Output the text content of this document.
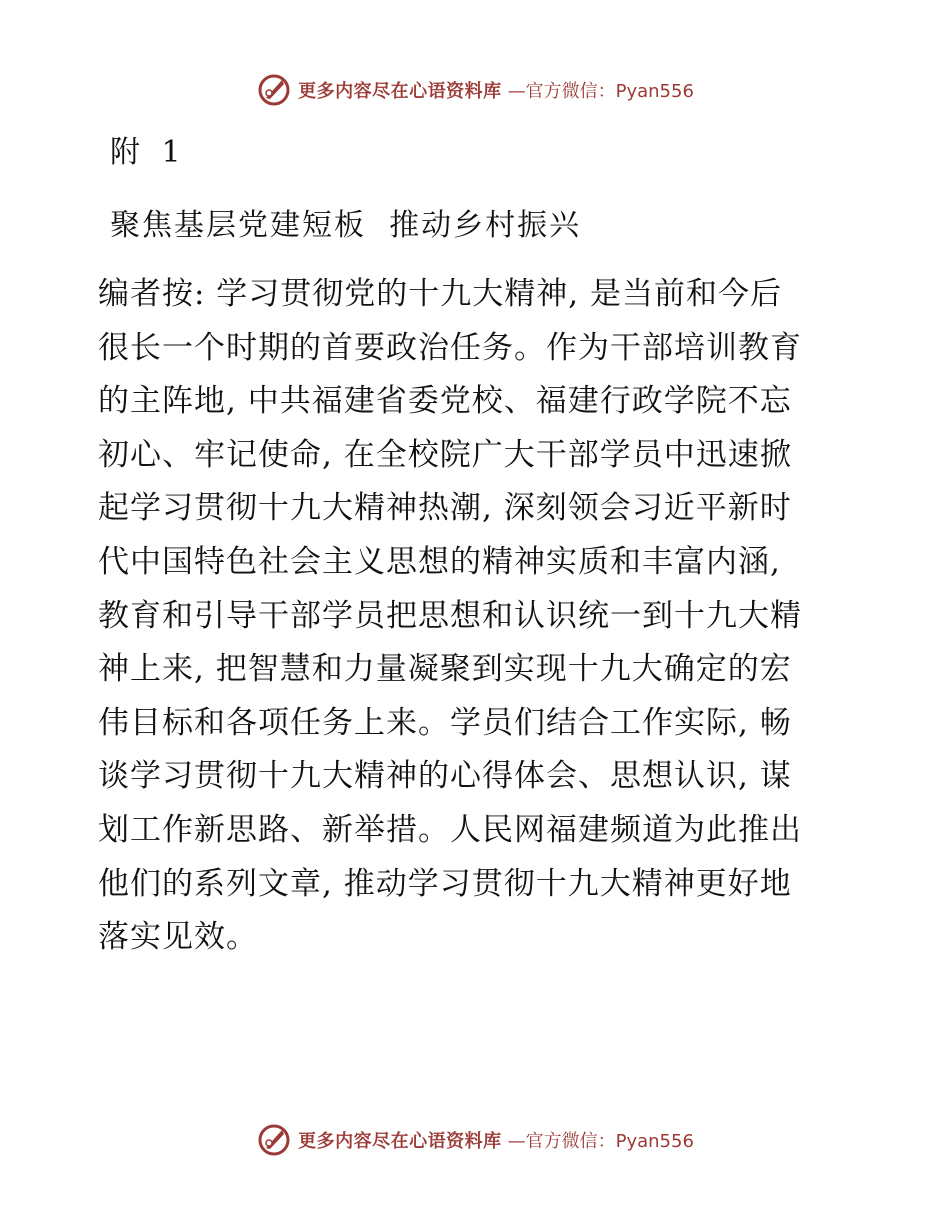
更多内容尽在心语资料库 —官方微信：Pyan556
附 1
聚焦基层党建短板  推动乡村振兴
编者按: 学习贯彻党的十九大精神, 是当前和今后
很长一个时期的首要政治任务。作为干部培训教育
的主阵地, 中共福建省委党校、福建行政学院不忘
初心、牢记使命, 在全校院广大干部学员中迅速掀
起学习贯彻十九大精神热潮, 深刻领会习近平新时
代中国特色社会主义思想的精神实质和丰富内涵,
教育和引导干部学员把思想和认识统一到十九大精
神上来, 把智慧和力量凝聚到实现十九大确定的宏
伟目标和各项任务上来。学员们结合工作实际, 畅
谈学习贯彻十九大精神的心得体会、思想认识, 谋
划工作新思路、新举措。人民网福建频道为此推出
他们的系列文章, 推动学习贯彻十九大精神更好地
落实见效。
更多内容尽在心语资料库 —官方微信：Pyan556
